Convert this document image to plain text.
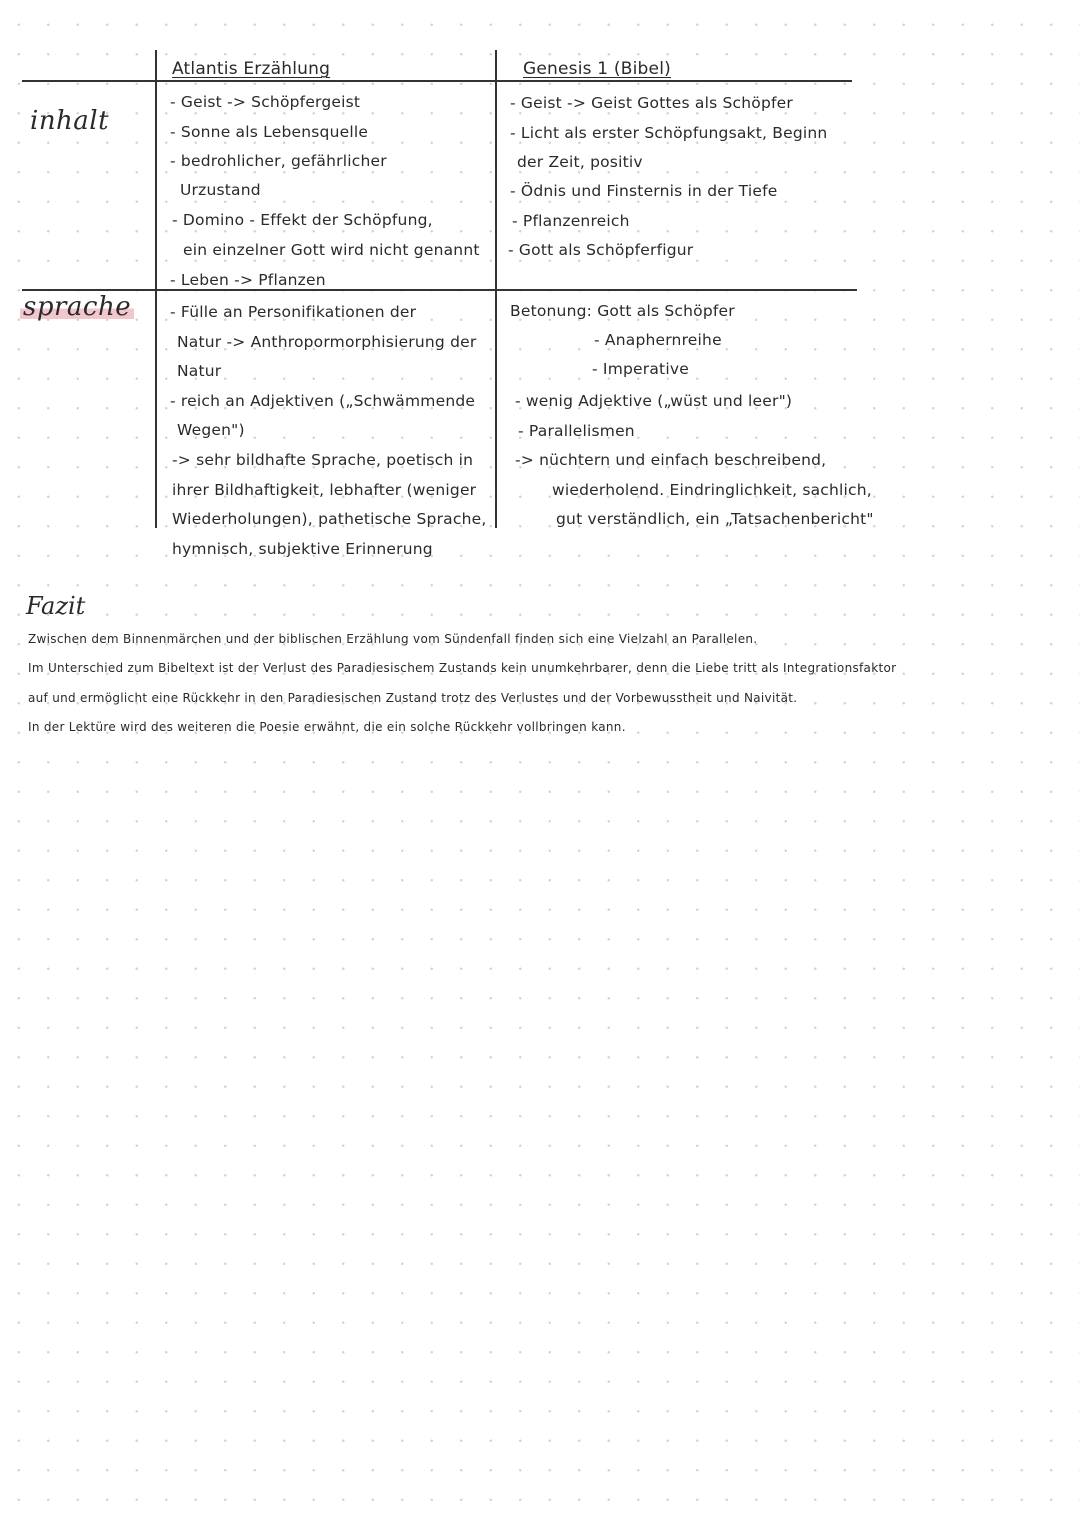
Atlantis Erzählung	Genesis 1 (Bibel)
inhalt
sprache
- Geist -> Schöpfergeist
- Sonne als Lebensquelle
- bedrohlicher, gefährlicher
Urzustand
- Domino - Effekt der Schöpfung,
ein einzelner Gott wird nicht genannt
- Leben -> Pflanzen
- Geist -> Geist Gottes als Schöpfer
- Licht als erster Schöpfungsakt, Beginn
der Zeit, positiv
- Ödnis und Finsternis in der Tiefe
- Pflanzenreich
- Gott als Schöpferfigur
- Fülle an Personifikationen der
Natur -> Anthropormorphisierung der
Natur
- reich an Adjektiven („Schwämmende
Wegen")
-> sehr bildhafte Sprache, poetisch in
ihrer Bildhaftigkeit, lebhafter (weniger
Wiederholungen), pathetische Sprache,
hymnisch, subjektive Erinnerung
Betonung: Gott als Schöpfer
- Anaphernreihe
- Imperative
- wenig Adjektive („wüst und leer")
- Parallelismen
-> nüchtern und einfach beschreibend,
wiederholend. Eindringlichkeit, sachlich,
gut verständlich, ein „Tatsachenbericht"
Fazit
Zwischen dem Binnenmärchen und der biblischen Erzählung vom Sündenfall finden sich eine Vielzahl an Parallelen.
Im Unterschied zum Bibeltext ist der Verlust des Paradiesischem Zustands kein unumkehrbarer, denn die Liebe tritt als Integrationsfaktor
auf und ermöglicht eine Rückkehr in den Paradiesischen Zustand trotz des Verlustes und der Vorbewusstheit und Naivität.
In der Lektüre wird des weiteren die Poesie erwähnt, die ein solche Rückkehr vollbringen kann.
